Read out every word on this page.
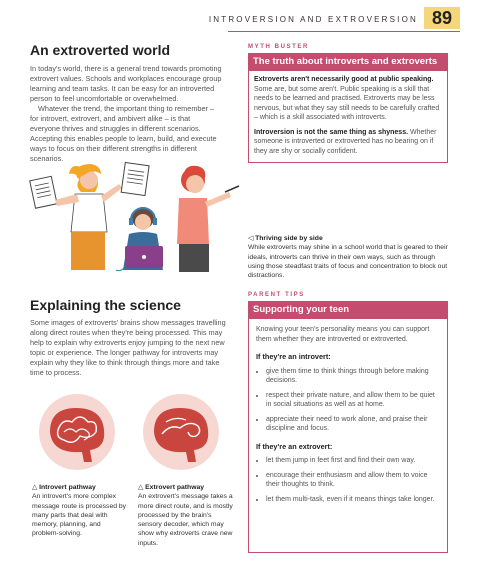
INTROVERSION AND EXTROVERSION 89
An extroverted world

In today's world, there is a general trend towards promoting extrovert values. Schools and workplaces encourage group learning and team tasks. It can be easy for an introverted person to feel uncomfortable or overwhelmed.

Whatever the trend, the important thing to remember – for introvert, extrovert, and ambivert alike – is that everyone thrives and struggles in different scenarios. Accepting this enables people to learn, build, and execute ways to focus on their different strengths in different scenarios.

MYTH BUSTER
The truth about introverts and extroverts

Extroverts aren't necessarily good at public speaking. Some are, but some aren't. Public speaking is a skill that needs to be learned and practised. Extroverts may be less nervous, but what they say still needs to be carefully crafted – which is a skill associated with introverts.

Introversion is not the same thing as shyness. Whether someone is introverted or extroverted has no bearing on if they are shy or socially confident.

◁ Thriving side by side
While extroverts may shine in a school world that is geared to their ideals, introverts can thrive in their own ways, such as through using those steadfast traits of focus and concentration to block out distractions.
Explaining the science

Some images of extroverts' brains show messages travelling along direct routes when they're being processed. This may help to explain why extroverts enjoy jumping to the next new topic or experience. The longer pathway for introverts may explain why they like to think through things more and take time to process.

△ Introvert pathway
An introvert's more complex message route is processed by many parts that deal with memory, planning, and problem-solving.
△ Extrovert pathway
An extrovert's message takes a more direct route, and is mostly processed by the brain's sensory decoder, which may show why extroverts crave new inputs.
PARENT TIPS
Supporting your teen

Knowing your teen's personality means you can support them whether they are introverted or extroverted.

If they're an introvert:
• give them time to think things through before making decisions.
• respect their private nature, and allow them to be quiet in social situations as well as at home.
• appreciate their need to work alone, and praise their discipline and focus.
If they're an extrovert:
• let them jump in feet first and find their own way.
• encourage their enthusiasm and allow them to voice their thoughts to think.
• let them multi-task, even if it means things take longer.
